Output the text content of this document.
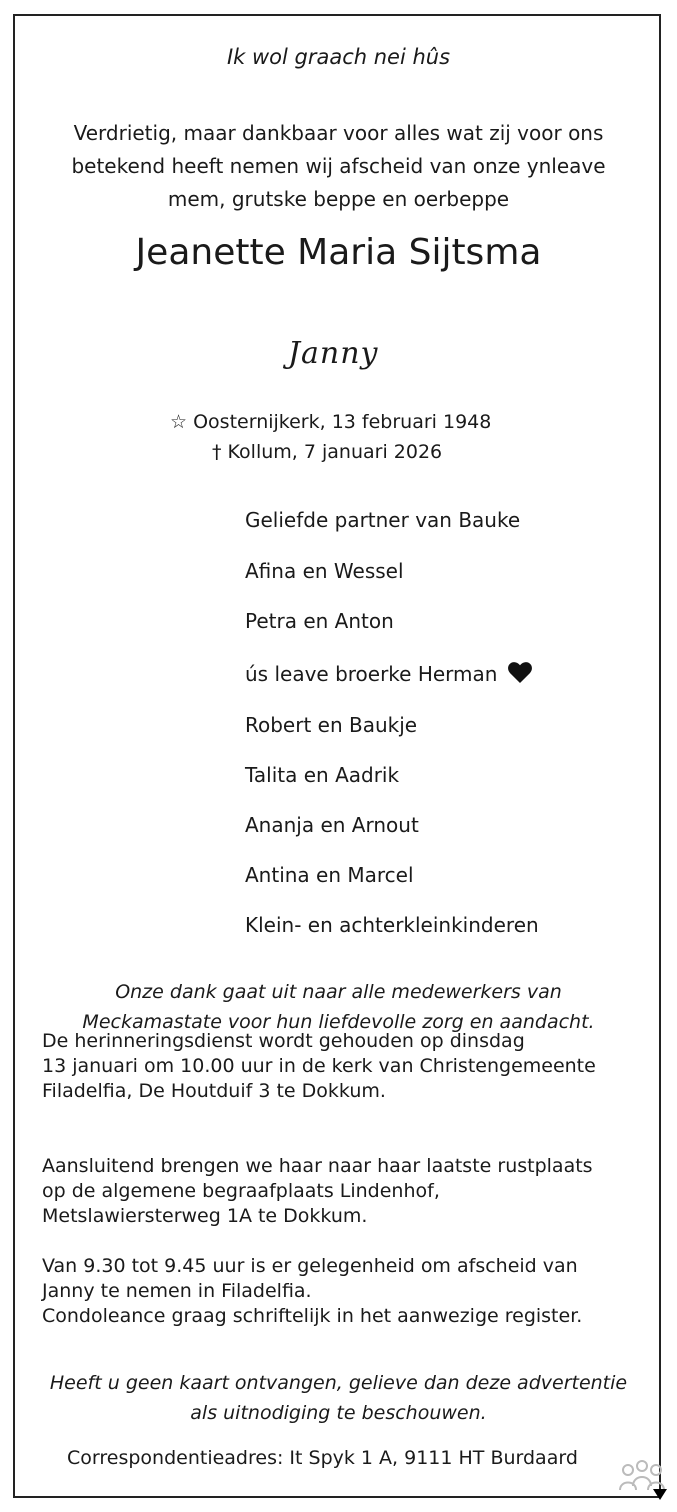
Ik wol graach nei hûs
Verdrietig, maar dankbaar voor alles wat zij voor ons
betekend heeft nemen wij afscheid van onze ynleave
mem, grutske beppe en oerbeppe
Jeanette Maria Sijtsma
Janny
☆ Oosternijkerk, 13 februari 1948
† Kollum, 7 januari 2026
Geliefde partner van Bauke
Afina en Wessel
Petra en Anton
ús leave broerke Herman
Robert en Baukje
Talita en Aadrik
Ananja en Arnout
Antina en Marcel
Klein- en achterkleinkinderen
Onze dank gaat uit naar alle medewerkers van
Meckamastate voor hun liefdevolle zorg en aandacht.
De herinneringsdienst wordt gehouden op dinsdag
13 januari om 10.00 uur in de kerk van Christengemeente
Filadelfia, De Houtduif 3 te Dokkum.
Aansluitend brengen we haar naar haar laatste rustplaats
op de algemene begraafplaats Lindenhof,
Metslawiersterweg 1A te Dokkum.
Van 9.30 tot 9.45 uur is er gelegenheid om afscheid van
Janny te nemen in Filadelfia.
Condoleance graag schriftelijk in het aanwezige register.
Heeft u geen kaart ontvangen, gelieve dan deze advertentie
als uitnodiging te beschouwen.
Correspondentieadres: It Spyk 1 A, 9111 HT Burdaard
